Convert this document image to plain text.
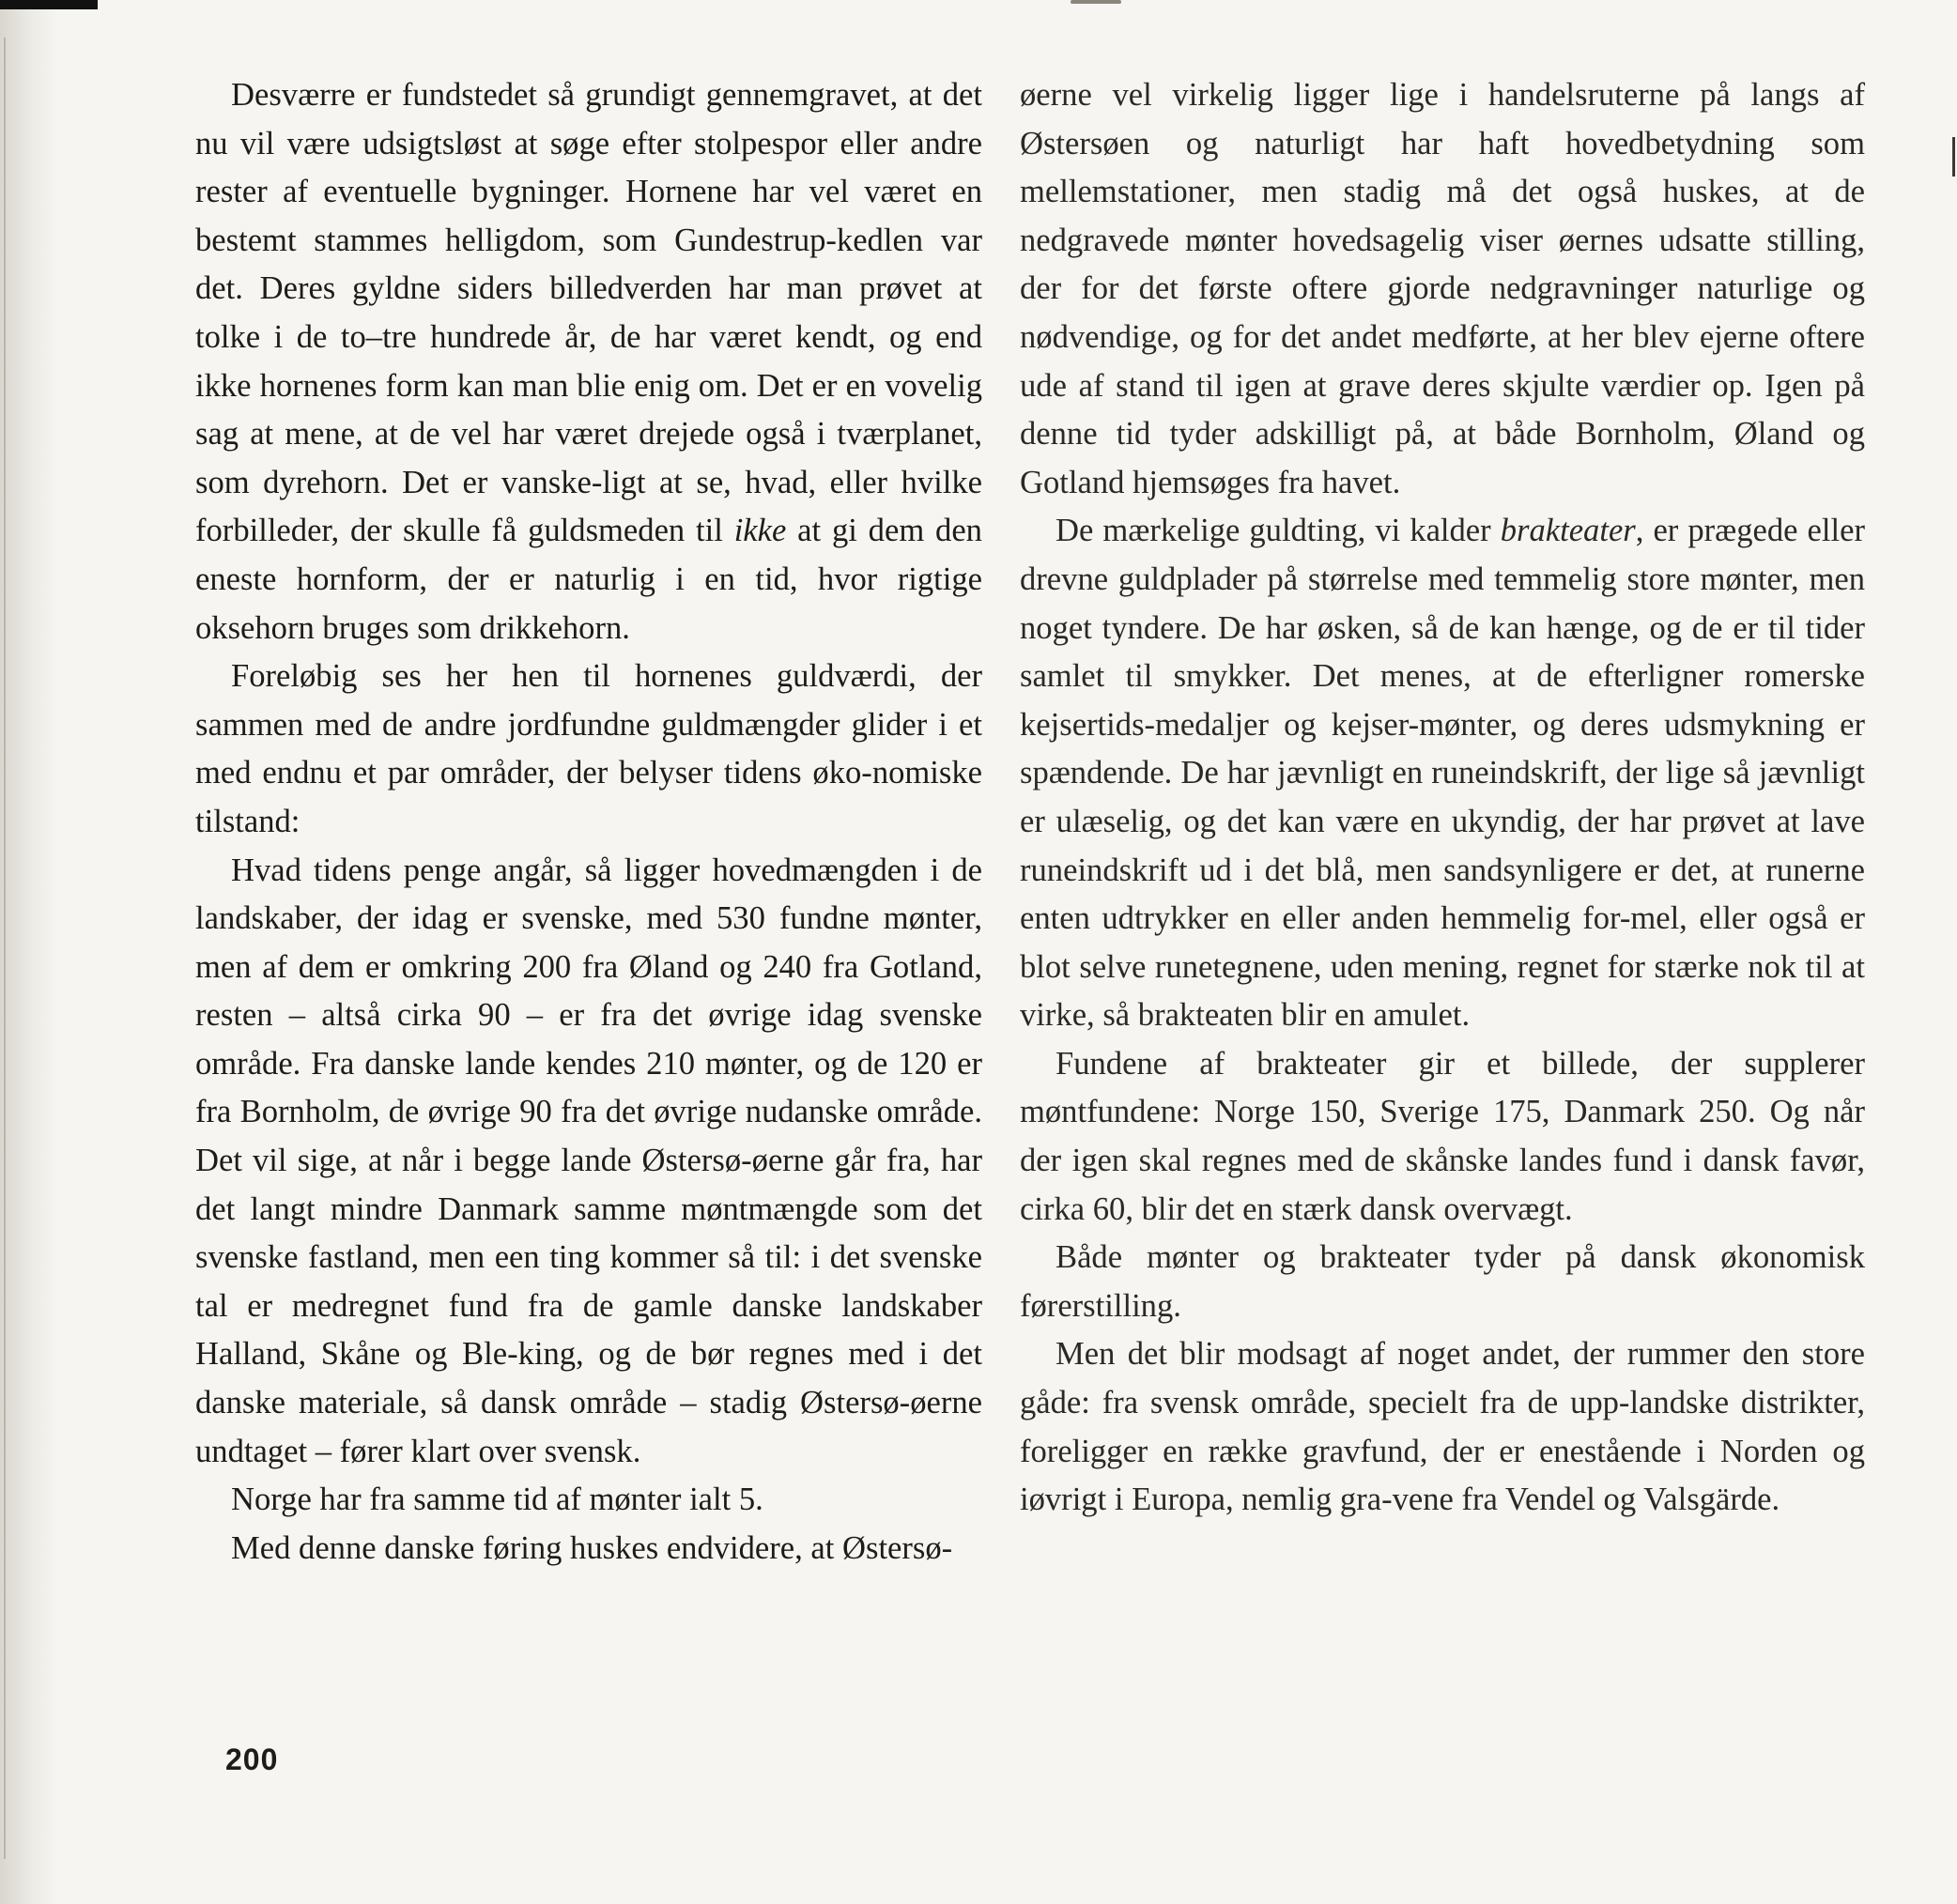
Desværre er fundstedet så grundigt gennemgravet, at det nu vil være udsigtsløst at søge efter stolpespor eller andre rester af eventuelle bygninger. Hornene har vel været en bestemt stammes helligdom, som Gundestrup-kedlen var det. Deres gyldne siders billedverden har man prøvet at tolke i de to–tre hundrede år, de har været kendt, og end ikke hornenes form kan man blie enig om. Det er en vovelig sag at mene, at de vel har været drejede også i tværplanet, som dyrehorn. Det er vanske-ligt at se, hvad, eller hvilke forbilleder, der skulle få guldsmeden til ikke at gi dem den eneste hornform, der er naturlig i en tid, hvor rigtige oksehorn bruges som drikkehorn.

Foreløbig ses her hen til hornenes guldværdi, der sammen med de andre jordfundne guldmængder glider i et med endnu et par områder, der belyser tidens øko-nomiske tilstand:

Hvad tidens penge angår, så ligger hovedmængden i de landskaber, der idag er svenske, med 530 fundne mønter, men af dem er omkring 200 fra Øland og 240 fra Gotland, resten – altså cirka 90 – er fra det øvrige idag svenske område. Fra danske lande kendes 210 mønter, og de 120 er fra Bornholm, de øvrige 90 fra det øvrige nudanske område. Det vil sige, at når i begge lande Østersø-øerne går fra, har det langt mindre Danmark samme møntmængde som det svenske fastland, men een ting kommer så til: i det svenske tal er medregnet fund fra de gamle danske landskaber Halland, Skåne og Ble-king, og de bør regnes med i det danske materiale, så dansk område – stadig Østersø-øerne undtaget – fører klart over svensk.

Norge har fra samme tid af mønter ialt 5.

Med denne danske føring huskes endvidere, at Østersø-

øerne vel virkelig ligger lige i handelsruterne på langs af Østersøen og naturligt har haft hovedbetydning som mellemstationer, men stadig må det også huskes, at de nedgravede mønter hovedsagelig viser øernes udsatte stilling, der for det første oftere gjorde nedgravninger naturlige og nødvendige, og for det andet medførte, at her blev ejerne oftere ude af stand til igen at grave deres skjulte værdier op. Igen på denne tid tyder adskilligt på, at både Bornholm, Øland og Gotland hjemsøges fra havet.

De mærkelige guldting, vi kalder brakteater, er prægede eller drevne guldplader på størrelse med temmelig store mønter, men noget tyndere. De har øsken, så de kan hænge, og de er til tider samlet til smykker. Det menes, at de efterligner romerske kejsertids-medaljer og kejser-mønter, og deres udsmykning er spændende. De har jævnligt en runeindskrift, der lige så jævnligt er ulæselig, og det kan være en ukyndig, der har prøvet at lave runeindskrift ud i det blå, men sandsynligere er det, at runerne enten udtrykker en eller anden hemmelig for-mel, eller også er blot selve runetegnene, uden mening, regnet for stærke nok til at virke, så brakteaten blir en amulet.

Fundene af brakteater gir et billede, der supplerer møntfundene: Norge 150, Sverige 175, Danmark 250. Og når der igen skal regnes med de skånske landes fund i dansk favør, cirka 60, blir det en stærk dansk overvægt.

Både mønter og brakteater tyder på dansk økonomisk førerstilling.

Men det blir modsagt af noget andet, der rummer den store gåde: fra svensk område, specielt fra de upp-landske distrikter, foreligger en række gravfund, der er enestående i Norden og iøvrigt i Europa, nemlig gra-vene fra Vendel og Valsgärde.

200
